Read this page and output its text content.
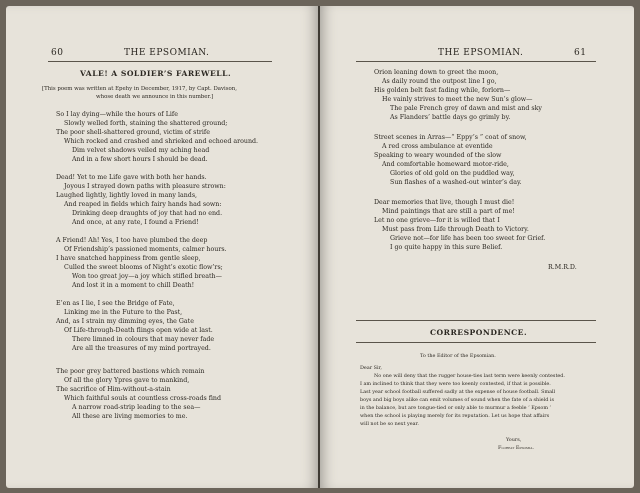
60	THE EPSOMIAN.
VALE! A SOLDIER’S FAREWELL.
[This poem was written at Epehy in December, 1917, by Capt. Davison,
whose death we announce in this number.]
So I lay dying—while the hours of Life
Slowly welled forth, staining the shattered ground;
The poor shell-shattered ground, victim of strife
Which rocked and crashed and shrieked and echoed around.
Dim velvet shadows veiled my aching head
And in a few short hours I should be dead.
Dead! Yet to me Life gave with both her hands.
Joyous I strayed down paths with pleasure strown:
Laughed lightly, lightly loved in many lands,
And reaped in fields which fairy hands had sown:
Drinking deep draughts of joy that had no end.
And once, at any rate, I found a Friend!
A Friend! Ah! Yes, I too have plumbed the deep
Of Friendship’s passioned moments, calmer hours.
I have snatched happiness from gentle sleep,
Culled the sweet blooms of Night’s exotic flow’rs;
Won too great joy—a joy which stifled breath—
And lost it in a moment to chill Death!
E’en as I lie, I see the Bridge of Fate,
Linking me in the Future to the Past,
And, as I strain my dimming eyes, the Gate
Of Life-through-Death flings open wide at last.
There limned in colours that may never fade
Are all the treasures of my mind portrayed.
The poor grey battered bastions which remain
Of all the glory Ypres gave to mankind,
The sacrifice of Him-without-a-stain
Which faithful souls at countless cross-roads find
A narrow road-strip leading to the sea—
All these are living memories to me.
THE EPSOMIAN.	61
Orion leaning down to greet the moon,
As daily round the outpost line I go,
His golden belt fast fading while, forlorn—
He vainly strives to meet the new Sun’s glow—
The pale French grey of dawn and mist and sky
As Flanders’ battle days go grimly by.
Street scenes in Arras—“ Eppy’s ” coat of snow,
A red cross ambulance at eventide
Speaking to weary wounded of the slow
And comfortable homeward motor-ride,
Glories of old gold on the puddled way,
Sun flashes of a washed-out winter’s day.
Dear memories that live, though I must die!
Mind paintings that are still a part of me!
Let no one grieve—for it is willed that I
Must pass from Life through Death to Victory.
Grieve not—for life has been too sweet for Grief.
I go quite happy in this sure Belief.
R.M.R.D.
CORRESPONDENCE.
To the Editor of the Epsomian.
Dear Sir,
No one will deny that the rugger house-ties last term were keenly contested.
I am inclined to think that they were too keenly contested, if that is possible.
Last year school football suffered sadly at the expense of house football. Small
boys and big boys alike can emit volumes of sound when the fate of a shield is
in the balance, but are tongue-tied or only able to murmur a feeble ‘ Epsom ’
when the school is playing merely for its reputation. Let us hope that affairs
will not be so next year.
Yours,
Floreat Epsomia.
